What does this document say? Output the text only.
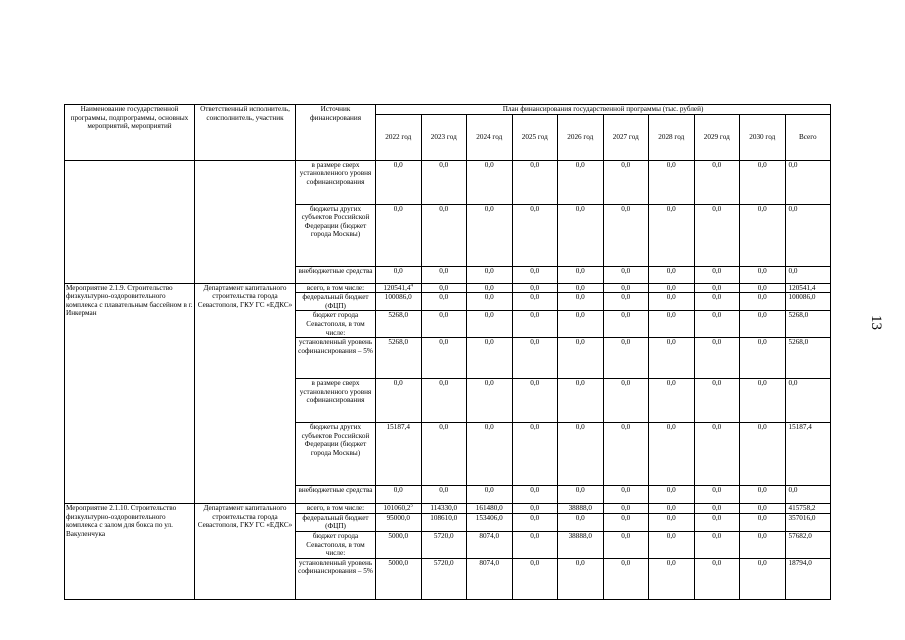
13
Наименование государственной программы, подпрограммы, основных мероприятий, мероприятий	Ответственный исполнитель, соисполнитель, участник	Источник финансирования	План финансирования государственной программы (тыс. рублей)									
			2022 год	2023 год	2024 год	2025 год	2026 год	2027 год	2028 год	2029 год	2030 год	Всего
		в размере сверх установленного уровня софинансирования	0,0	0,0	0,0	0,0	0,0	0,0	0,0	0,0	0,0	0,0
		бюджеты других субъектов Российской Федерации (бюджет города Москвы)	0,0	0,0	0,0	0,0	0,0	0,0	0,0	0,0	0,0	0,0
		внебюджетные средства	0,0	0,0	0,0	0,0	0,0	0,0	0,0	0,0	0,0	0,0
Мероприятие 2.1.9. Строительство физкультурно-оздоровительного комплекса с плавательным бассейном в г. Инкерман	Департамент капитального строительства города Севастополя, ГКУ ГС «ЕДКС»	всего, в том числе:	120541,4$^4$	0,0	0,0	0,0	0,0	0,0	0,0	0,0	0,0	120541,4
		федеральный бюджет (ФЦП)	100086,0	0,0	0,0	0,0	0,0	0,0	0,0	0,0	0,0	100086,0
		бюджет города Севастополя, в том числе:	5268,0	0,0	0,0	0,0	0,0	0,0	0,0	0,0	0,0	5268,0
		установленный уровень софинансирования – 5%	5268,0	0,0	0,0	0,0	0,0	0,0	0,0	0,0	0,0	5268,0
		в размере сверх установленного уровня софинансирования	0,0	0,0	0,0	0,0	0,0	0,0	0,0	0,0	0,0	0,0
		бюджеты других субъектов Российской Федерации (бюджет города Москвы)	15187,4	0,0	0,0	0,0	0,0	0,0	0,0	0,0	0,0	15187,4
		внебюджетные средства	0,0	0,0	0,0	0,0	0,0	0,0	0,0	0,0	0,0	0,0
Мероприятие 2.1.10. Строительство физкультурно-оздоровительного комплекса с залом для бокса по ул. Вакуленчука	Департамент капитального строительства города Севастополя, ГКУ ГС «ЕДКС»	всего, в том числе:	101060,2$^5$	114330,0	161480,0	0,0	38888,0	0,0	0,0	0,0	0,0	415758,2
		федеральный бюджет (ФЦП)	95000,0	108610,0	153406,0	0,0	0,0	0,0	0,0	0,0	0,0	357016,0
		бюджет города Севастополя, в том числе:	5000,0	5720,0	8074,0	0,0	38888,0	0,0	0,0	0,0	0,0	57682,0
		установленный уровень софинансирования – 5%	5000,0	5720,0	8074,0	0,0	0,0	0,0	0,0	0,0	0,0	18794,0
